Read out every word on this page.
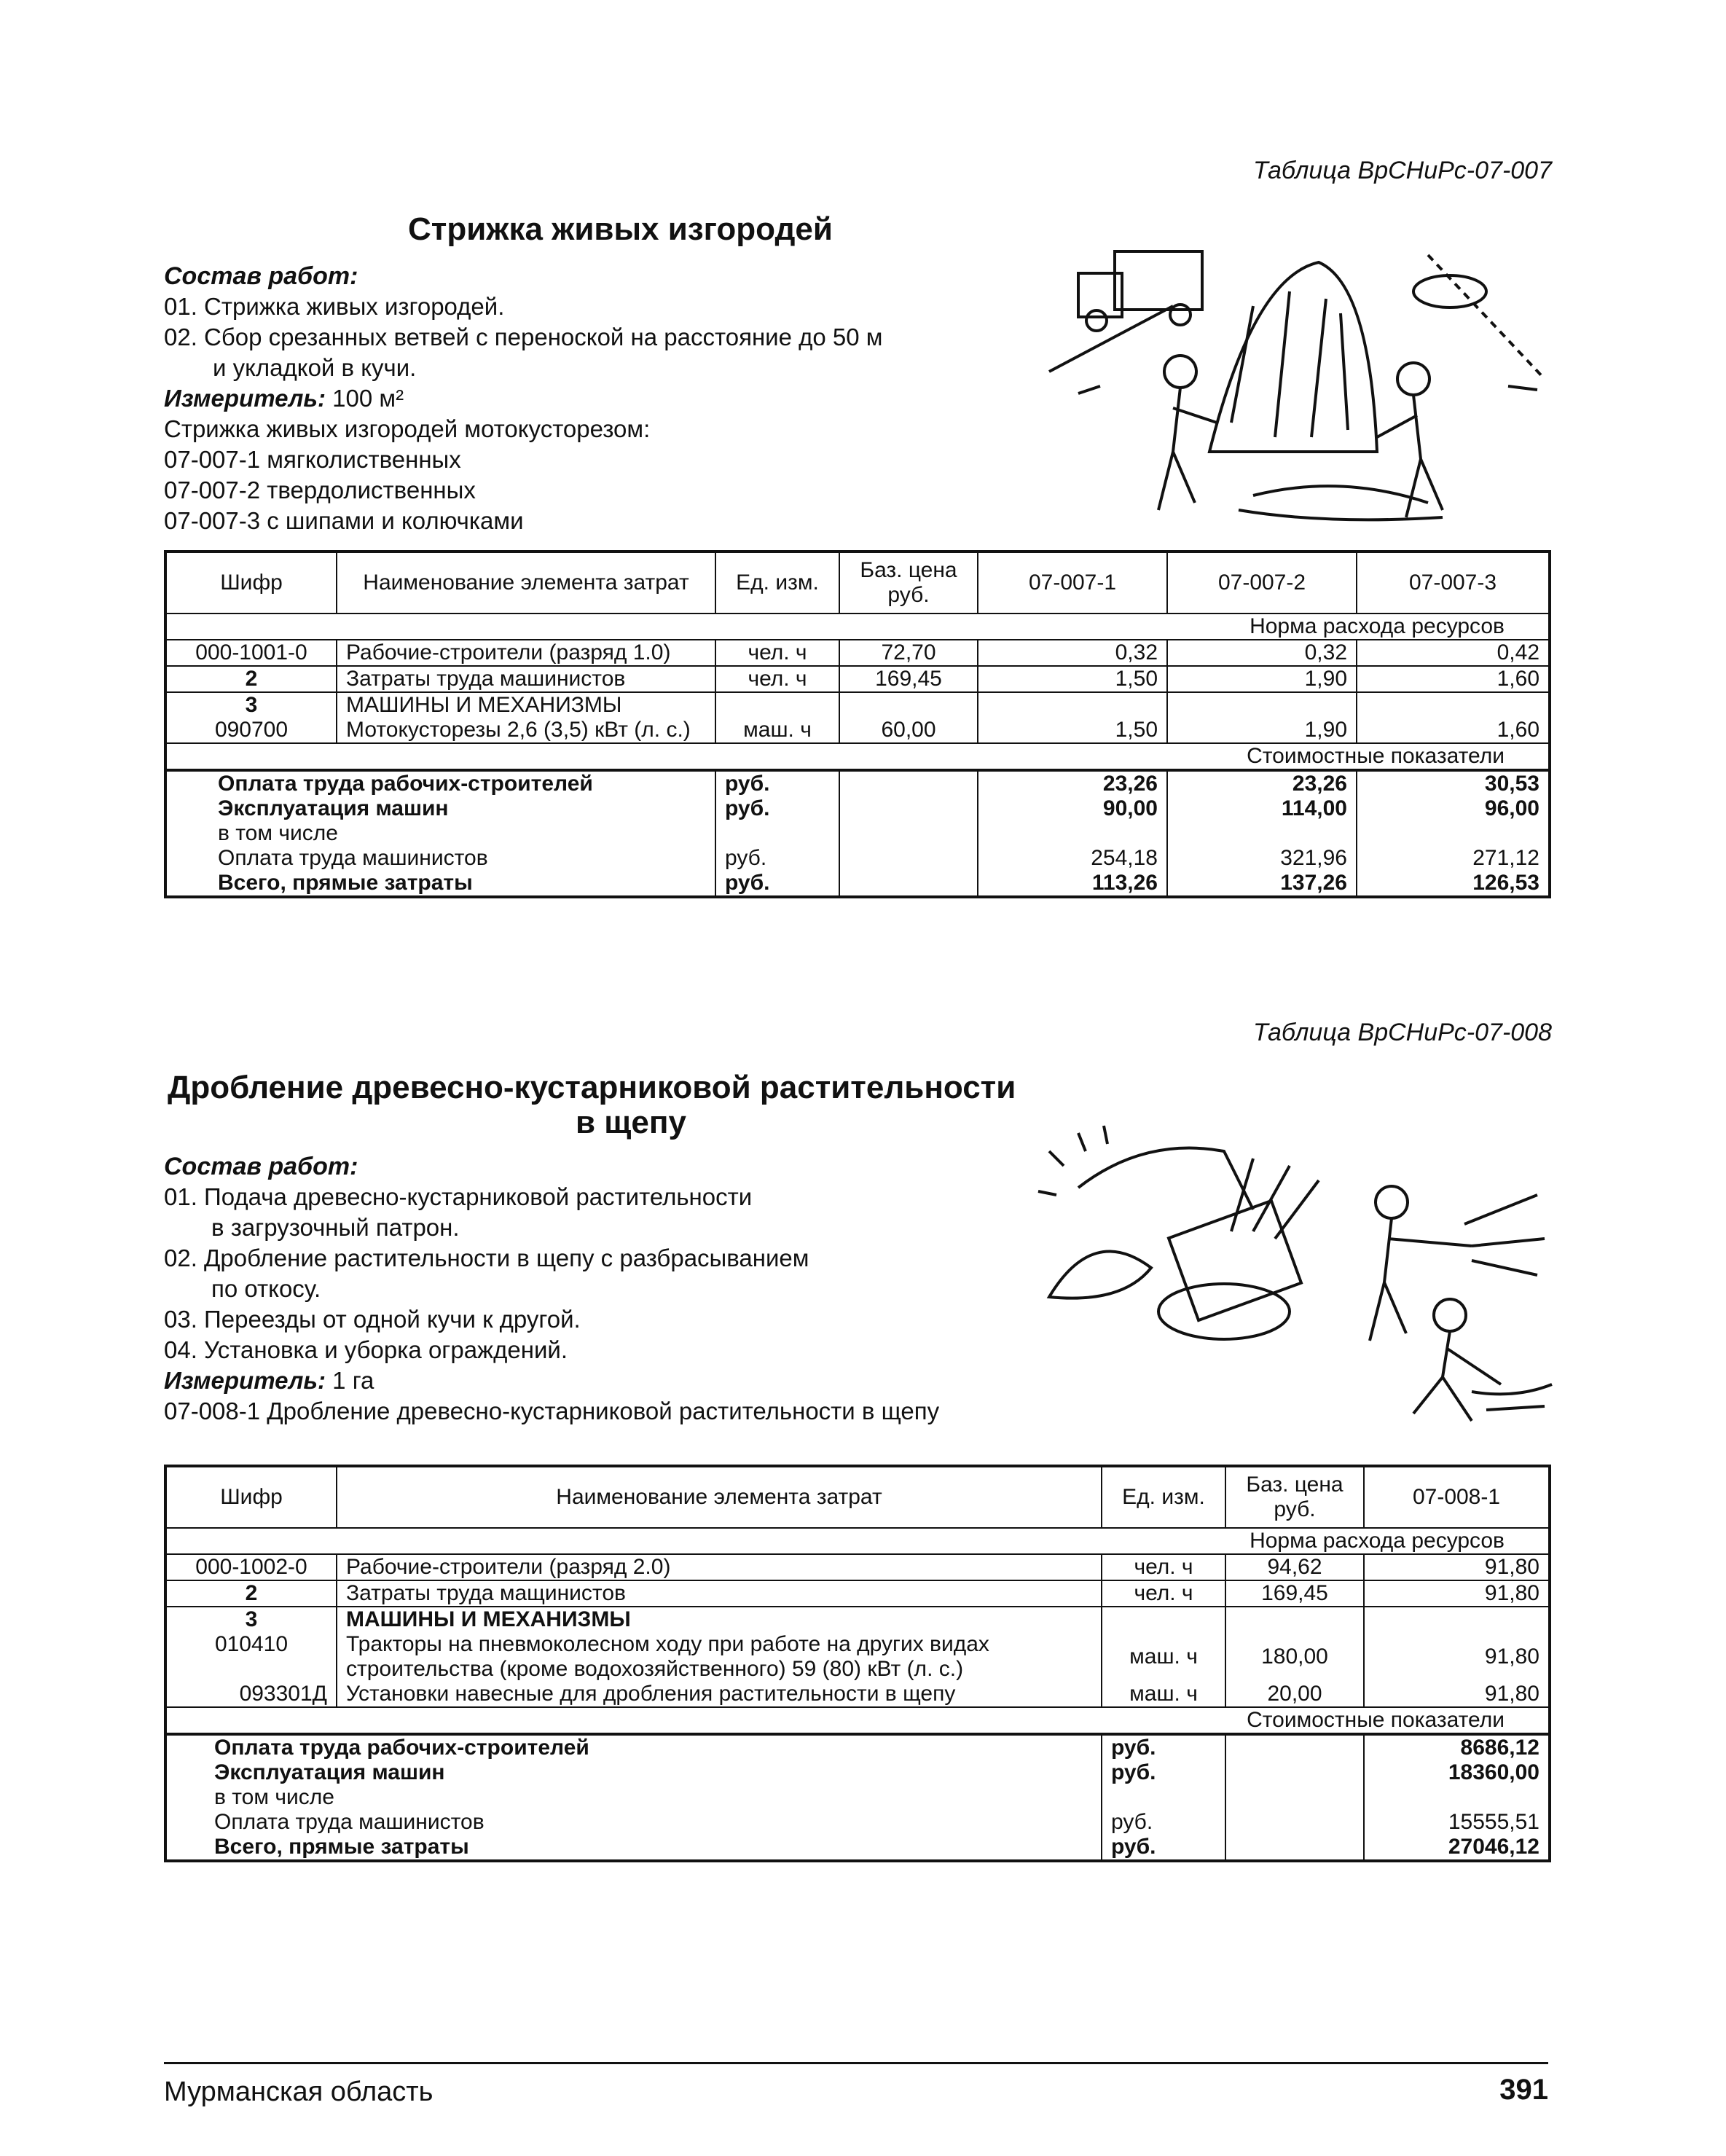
Таблица ВрСНиРс-07-007
Стрижка живых изгородей
Состав работ:
01. Стрижка живых изгородей.
02. Сбор срезанных ветвей с переноской на расстояние до 50 м
и укладкой в кучи.
Измеритель: 100 м²
Стрижка живых изгородей мотокусторезом:
07-007-1 мягколиственных
07-007-2 твердолиственных
07-007-3 с шипами и колючками
Шифр	Наименование элемента затрат	Ед. изм.	Баз. цена руб.	07-007-1	07-007-2	07-007-3
Норма расхода ресурсов						
000-1001-0	Рабочие-строители (разряд 1.0)	чел. ч	72,70	0,32	0,32	0,42
2	Затраты труда машинистов	чел. ч	169,45	1,50	1,90	1,60
3	МАШИНЫ И МЕХАНИЗМЫ					
090700	Мотокусторезы 2,6 (3,5) кВт (л. с.)	маш. ч	60,00	1,50	1,90	1,60
Стоимостные показатели						
Оплата труда рабочих-строителей		руб.		23,26	23,26	30,53
Эксплуатация машин		руб.		90,00	114,00	96,00
в том числе						
Оплата труда машинистов		руб.		254,18	321,96	271,12
Всего, прямые затраты		руб.		113,26	137,26	126,53
Таблица ВрСНиРс-07-008
Дробление древесно-кустарниковой растительности
в щепу
Состав работ:
01. Подача древесно-кустарниковой растительности
в загрузочный патрон.
02. Дробление растительности в щепу с разбрасыванием
по откосу.
03. Переезды от одной кучи к другой.
04. Установка и уборка ограждений.
Измеритель: 1 га
07-008-1 Дробление древесно-кустарниковой растительности в щепу
Шифр	Наименование элемента затрат	Ед. изм.	Баз. цена руб.	07-008-1
Норма расхода ресурсов				
000-1002-0	Рабочие-строители (разряд 2.0)	чел. ч	94,62	91,80
2	Затраты труда мащинистов	чел. ч	169,45	91,80
3	МАШИНЫ И МЕХАНИЗМЫ			
010410	Тракторы на пневмоколесном ходу при работе на других видах
строительства (кроме водохозяйственного) 59 (80) кВт (л. с.)	маш. ч	180,00	91,80
093301Д	Установки навесные для дробления растительности в щепу	маш. ч	20,00	91,80
Стоимостные показатели				
Оплата труда рабочих-строителей		руб.		8686,12
Эксплуатация машин		руб.		18360,00
в том числе				
Оплата труда машинистов		руб.		15555,51
Всего, прямые затраты		руб.		27046,12
Мурманская область	391
